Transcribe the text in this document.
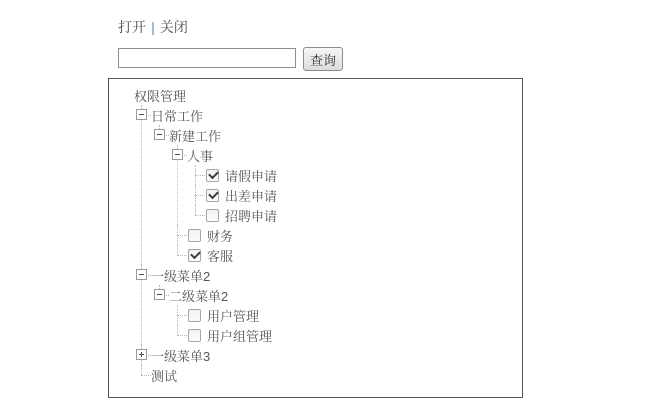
打开 | 关闭
查询
权限管理
日常工作
新建工作
人事
请假申请
出差申请
招聘申请
财务
客服
一级菜单2
二级菜单2
用户管理
用户组管理
一级菜单3
测试
